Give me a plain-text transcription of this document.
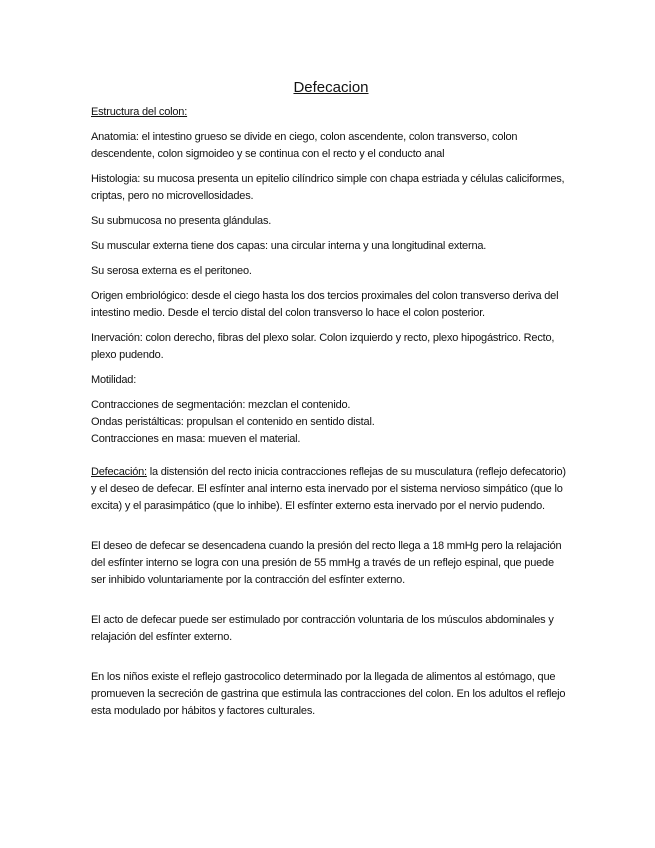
Defecacion
Estructura del colon:
Anatomia: el intestino grueso se divide en ciego, colon ascendente, colon transverso, colon descendente, colon sigmoideo y se continua con el recto y el conducto anal
Histologia: su mucosa presenta un epitelio cilíndrico simple con chapa estriada y células caliciformes, criptas, pero no microvellosidades.
Su submucosa no presenta glándulas.
Su muscular externa tiene dos capas: una circular interna y una longitudinal externa.
Su serosa externa es el peritoneo.
Origen embriológico: desde el ciego hasta los dos tercios proximales del colon transverso deriva del intestino medio. Desde el tercio distal del colon transverso lo hace el colon posterior.
Inervación: colon derecho, fibras del plexo solar. Colon izquierdo y recto, plexo hipogástrico. Recto, plexo pudendo.
Motilidad:
Contracciones de segmentación: mezclan el contenido.
Ondas peristálticas: propulsan el contenido en sentido distal.
Contracciones en masa: mueven el material.
Defecación: la distensión del recto inicia contracciones reflejas de su musculatura (reflejo defecatorio) y el deseo de defecar. El esfínter anal interno esta inervado por el sistema nervioso simpático (que lo excita) y el parasimpático (que lo inhibe). El esfínter externo esta inervado por el nervio pudendo.
El deseo de defecar se desencadena cuando la presión del recto llega a 18 mmHg pero la relajación del esfínter interno se logra con una presión de 55 mmHg a través de un reflejo espinal, que puede ser inhibido voluntariamente por la contracción del esfínter externo.
El acto de defecar puede ser estimulado por contracción voluntaria de los músculos abdominales y relajación del esfínter externo.
En los niños existe el reflejo gastrocolico determinado por la llegada de alimentos al estómago, que promueven la secreción de gastrina que estimula las contracciones del colon. En los adultos el reflejo esta modulado por hábitos y factores culturales.
